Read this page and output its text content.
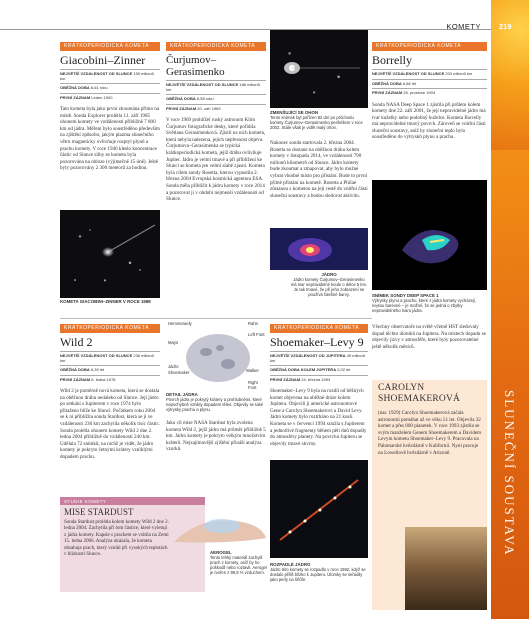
KOMETY 219
SLUNEČNÍ SOUSTAVA
KRÁTKOPERIODICKÁ KOMETA
Giacobini–Zinner
NEJVĚTŠÍ VZDÁLENOST OD SLUNCE 155 milionů km
OBĚŽNÁ DOBA 6,61 roku
PRVNÍ ZÁZNAM Leden 1900
Tato kometa byla jako první zkoumána přímo na místě. Sonda Explorer prolétla 11. září 1985 ohonem komety ve vzdálenosti přibližně 7 800 km od jádra. Měření bylo soustředěno především na zjištění způsobu, jakým plazma slunečního větru magneticky ovlivňuje rozptyl plynů a prachu komety. V roce 1946 kleslo koncentrace částic od Slunce sliby se kometa byla pozorována na obloze (výjimečně 15 úně). Ještě byly pozorovány 2 300 meteorů za hodinu.
KOMETA GIACOBINI–ZINNER V ROCE 1988
KRÁTKOPERIODICKÁ KOMETA
Čurjumov–Gerasimenko
NEJVĚTŠÍ VZDÁLENOST OD SLUNCE 186 milionů km
OBĚŽNÁ DOBA 6,58 roku
PRVNÍ ZÁZNAM 20. září 1969
V roce 1969 prohlížel ruský astronom Klim Čurjumov fotografické desky, které pořídila Světlana Gerasimenková. Zjistil na nich kometu, která nebyla nalezena, jejich nepřesnost objevu. Čurjumova–Gerasimenka se typická krátkoperiodická kometa, jejíž dráhu ovlivňuje Jupiter. Jádro je velmi tmavé a při přiblížení ke Slunci se kometa jen velmi slabě zjasní. Kometa byla cílem sondy Rosetta, kterou vypustila 2. března 2004 Evropská kosmická agentura ESA. Sonda měla přiblížit k jádru komety v roce 2014 a pozorovat ji v období nejmenší vzdálenosti od Slunce.
ZMENŠUJÍCÍ SE OHON
Tento snímek byl pořízen 82 dní po průchodu komety Čurjumov–Gerasimenko perihéliem v roce 2002. Stále však je vidět malý ohon.
Nakonec sonda startovala 2. března 2004. Rosetta se dostane na oběžnou dráhu kolem komety v listopadu 2014, ve vzdálenosti 790 milionů kilometrů od Slunce. Jádro komety bude zkoumat a zmapovat, aby bylo možné vybrat vhodné místo pro přistání. Bude to první přímé přistání na kometě. Rosetta a Philae zůstanou s kometou na její cestě do vnitřní části sluneční soustavy a budou sledovat aktivitu.
JÁDRO
Jádro komety Čurjumov–Gerasimenko má tvar nepravidelné koule o délce 5 km. Je tak tmavé, že při jeho zobrazení se používá falešné barvy.
KRÁTKOPERIODICKÁ KOMETA
Borrelly
NEJVĚTŠÍ VZDÁLENOST OD SLUNCE 203 milionů km
OBĚŽNÁ DOBA 6,86 let
PRVNÍ ZÁZNAM 28. prosince 1904
Sonda NASA Deep Space 1 zjistila při průletu kolem komety dne 22. září 2001, že její nepravidelné jádro má tvar kuželky nebo podobný kuželce. Kometa Borrelly má nepravidelné tmavý povrch. Zároveň se vnitřní části sluneční soustavy, aniž by sluneční teplo bylo soustředěno do výtrysků plynu a prachu.
SNÍMEK SONDY DEEP SPACE 1
Výtrysky plynu a prachu, které z jádra komety vycházejí, nejsou barevné – je možné, že se jedná o zbytky nepravidelného tvaru jádra.
KRÁTKOPERIODICKÁ KOMETA
Wild 2
NEJVĚTŠÍ VZDÁLENOST OD SLUNCE 236 milionů km
OBĚŽNÁ DOBA 6,39 let
PRVNÍ ZÁZNAM 6. ledna 1978
Wild 2 je poměrně nová kometa, která se dostala na oběžnou dráhu nedaleko od Slunce. Její jádro po setkání s Jupiterem v roce 1974 bylo přitaženo blíže ke Slunci. Počátkem roku 2004 se k ní přiblížila sonda Stardust, která se ji ve vzdálenosti 236 km zachytila několik tisíc částic. Sonda prolétla ohonem komety Wild 2 dne 2. ledna 2004 přibližně do vzdálenosti 240 km. Udělala 72 snímků, na nichž je vidět, že jádro komety je pokryto četnými krátery vzniklými dopadem prachu.
Hemmeraely	Rahn
Left Foot
Right Foot
Mayo
Walker
Shoemaker
Jádro
DETAIL JÁDRA
Povrch jádra je pokrytý krátery a prohlubněmi, které nepochybně vznikly dopadem těles. Objevily se také výtrysky prachu a plynu.
Jako cíl mise NASA Stardust byla zvolena kometa Wild 2, jejíž jádro má průměr přibližně 5 km. Jádro komety je pokryto velkým množstvím kráterů. Nejzajímavější zjištění přináší analýza vzorků.
STUDIE KOMETY
MISE STARDUST
Sonda Stardust prolétla kolem komety Wild 2 dne 2. ledna 2004. Zachytila při tom částice, které vyletují z jádra komety. Kapsle s prachem se vrátila na Zemi 15. ledna 2006. Analýza ukázala, že kometa obsahuje prach, který vznikl při vysokých teplotách v blízkosti Slunce.	AEROGEL
Tento lehký materiál zachytil prach z komety, aniž by ho poškodil nebo roztavil. Aerogel je tvořen z 99,8 % vzduchem.
KRÁTKOPERIODICKÁ KOMETA
Shoemaker–Levy 9
NEJVĚTŠÍ VZDÁLENOST OD JUPITERA 49 milionů km
OBĚŽNÁ DOBA KOLEM JUPITERA 2,02 let
PRVNÍ ZÁZNAM 24. března 1993
Shoemaker–Levy 9 byla na rozdíl od běžných komet objevena na oběžné dráze kolem Jupitera. Objevili ji americké astronomové Gene a Carolyn Shoemakerovi a David Levy. Jádro komety bylo roztrháno na 21 kusů. Kometa se v červenci 1994 srazila s Jupiterem a jednotlivé fragmenty během pěti dnů dopadly do atmosféry planety. Na povrchu Jupiteru se objevily tmavé skvrny.
ROZPADLÉ JÁDRO
Jádro této komety se rozpadlo v roce 1992, když se dostalo příliš blízko k Jupiteru. Úlomky se seřadily jako perly na šňůře.
Všechny observatoře na světě včetně HST sledovaly dopad těchto úlomků na Jupitera. Na místech dopadu se objevily jizvy v atmosféře, které byly pozorovatelné ještě několik měsíců.
CAROLYN SHOEMAKEROVÁ
(nar. 1929) Carolyn Shoemakerová začala astronomii pomáhat až ve věku 51 let. Objevila 32 komet a přes 800 planetek. V roce 1993 zjistila se svým manželem Genem Shoemakerem a Davidem Levym kometu Shoemaker–Levy 9. Pracovala na Palomarské hvězdárně v Kalifornii. Nyní pracuje na Lowellově hvězdárně v Arizoně.
